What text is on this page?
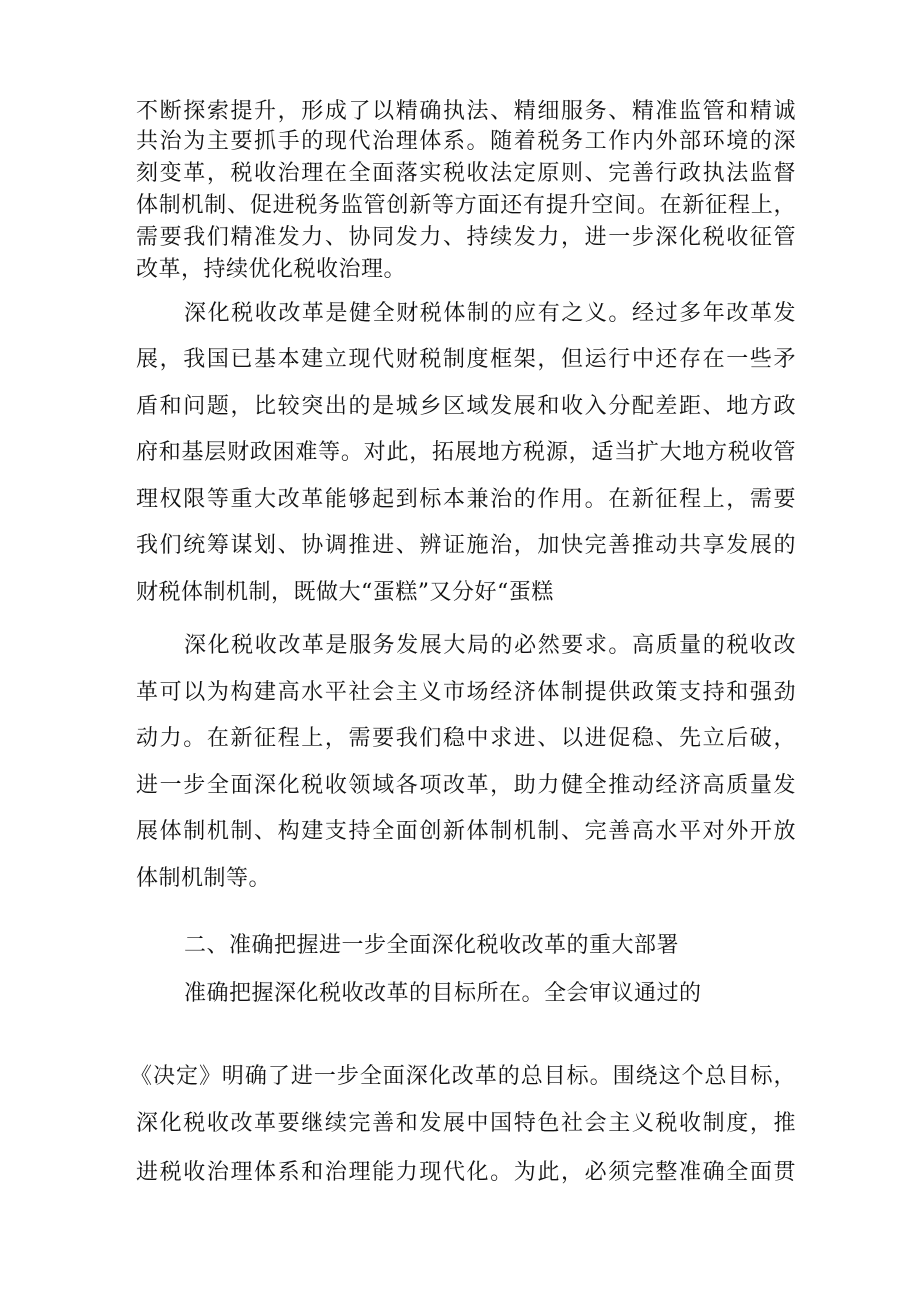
不断探索提升，形成了以精确执法、精细服务、精准监管和精诚
共治为主要抓手的现代治理体系。随着税务工作内外部环境的深
刻变革，税收治理在全面落实税收法定原则、完善行政执法监督
体制机制、促进税务监管创新等方面还有提升空间。在新征程上，
需要我们精准发力、协同发力、持续发力，进一步深化税收征管
改革，持续优化税收治理。
深化税收改革是健全财税体制的应有之义。经过多年改革发
展，我国已基本建立现代财税制度框架，但运行中还存在一些矛
盾和问题，比较突出的是城乡区域发展和收入分配差距、地方政
府和基层财政困难等。对此，拓展地方税源，适当扩大地方税收管
理权限等重大改革能够起到标本兼治的作用。在新征程上，需要
我们统筹谋划、协调推进、辨证施治，加快完善推动共享发展的
财税体制机制，既做大“蛋糕”又分好“蛋糕
深化税收改革是服务发展大局的必然要求。高质量的税收改
革可以为构建高水平社会主义市场经济体制提供政策支持和强劲
动力。在新征程上，需要我们稳中求进、以进促稳、先立后破，
进一步全面深化税收领域各项改革，助力健全推动经济高质量发
展体制机制、构建支持全面创新体制机制、完善高水平对外开放
体制机制等。
二、准确把握进一步全面深化税收改革的重大部署
准确把握深化税收改革的目标所在。全会审议通过的
《决定》明确了进一步全面深化改革的总目标。围绕这个总目标，
深化税收改革要继续完善和发展中国特色社会主义税收制度，推
进税收治理体系和治理能力现代化。为此，必须完整准确全面贯
